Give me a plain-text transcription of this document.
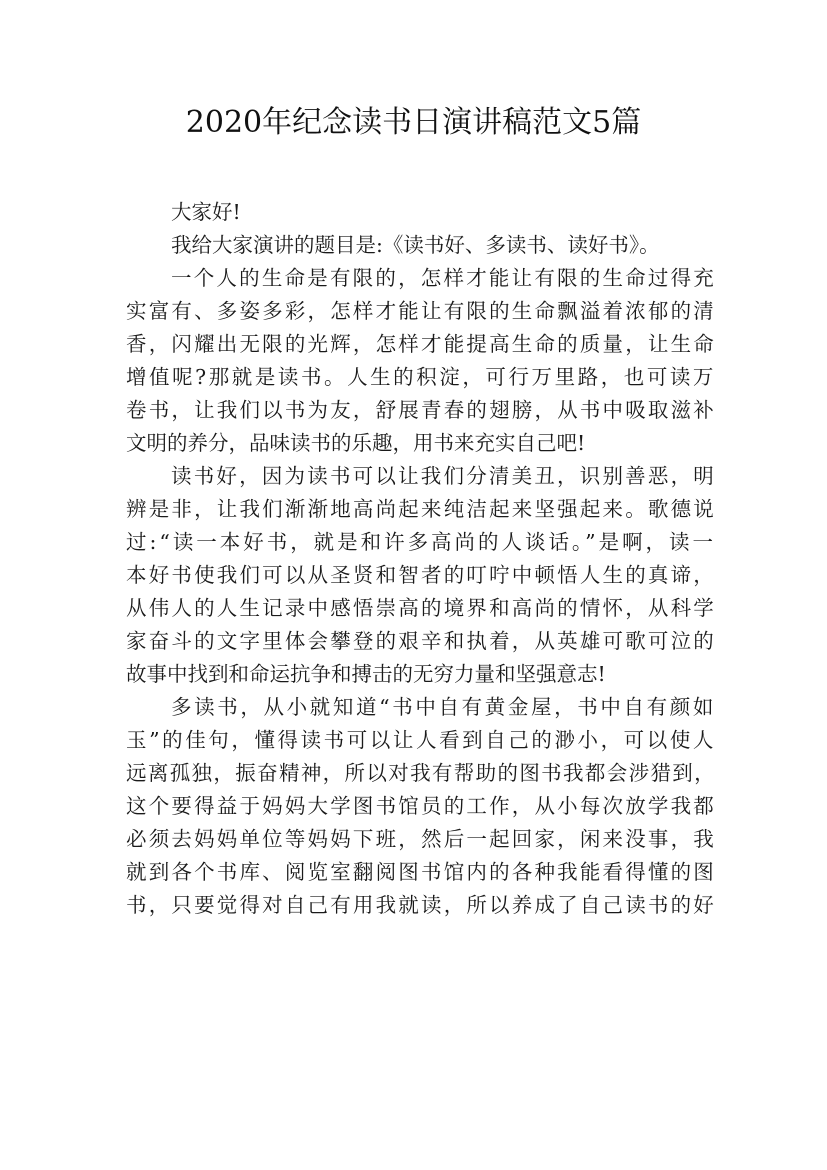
2020年纪念读书日演讲稿范文5篇
大家好!
我给大家演讲的题目是:《读书好、多读书、读好书》。
一个人的生命是有限的，怎样才能让有限的生命过得充
实富有、多姿多彩，怎样才能让有限的生命飘溢着浓郁的清
香，闪耀出无限的光辉，怎样才能提高生命的质量，让生命
增值呢?那就是读书。人生的积淀，可行万里路，也可读万
卷书，让我们以书为友，舒展青春的翅膀，从书中吸取滋补
文明的养分，品味读书的乐趣，用书来充实自己吧!
读书好，因为读书可以让我们分清美丑，识别善恶，明
辨是非，让我们渐渐地高尚起来纯洁起来坚强起来。歌德说
过:“读一本好书，就是和许多高尚的人谈话。”是啊，读一
本好书使我们可以从圣贤和智者的叮咛中顿悟人生的真谛，
从伟人的人生记录中感悟崇高的境界和高尚的情怀，从科学
家奋斗的文字里体会攀登的艰辛和执着，从英雄可歌可泣的
故事中找到和命运抗争和搏击的无穷力量和坚强意志!
多读书，从小就知道“书中自有黄金屋，书中自有颜如
玉”的佳句，懂得读书可以让人看到自己的渺小，可以使人
远离孤独，振奋精神，所以对我有帮助的图书我都会涉猎到，
这个要得益于妈妈大学图书馆员的工作，从小每次放学我都
必须去妈妈单位等妈妈下班，然后一起回家，闲来没事，我
就到各个书库、阅览室翻阅图书馆内的各种我能看得懂的图
书，只要觉得对自己有用我就读，所以养成了自己读书的好
